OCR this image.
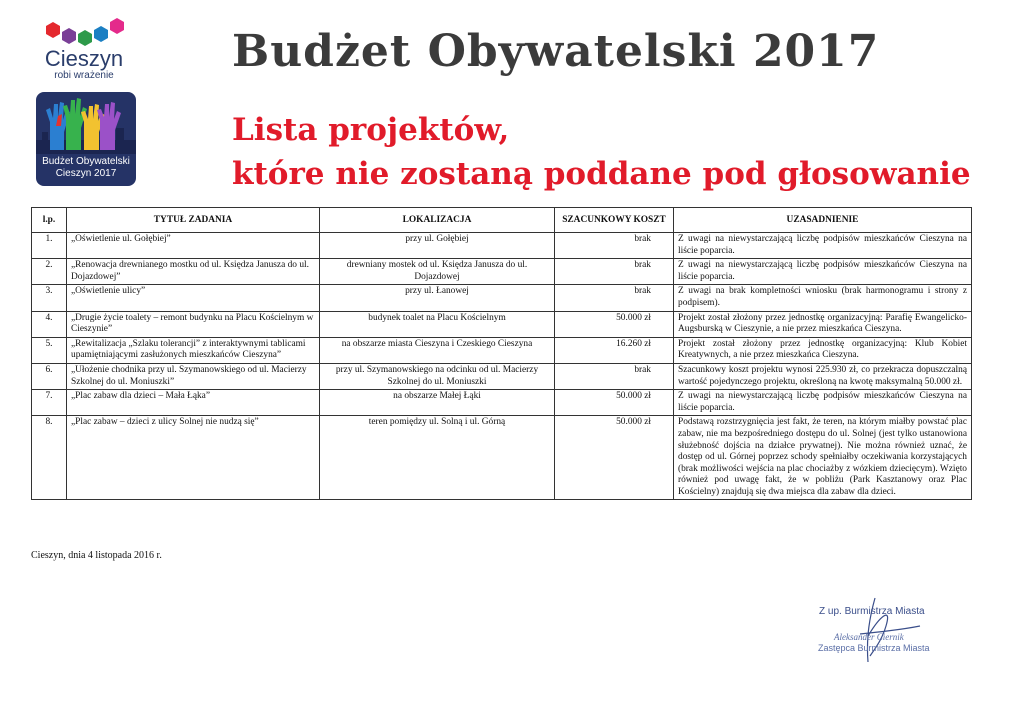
Cieszyn
robi wrażenie
Budżet Obywatelski
Cieszyn 2017
Budżet Obywatelski 2017
Lista projektów,
które nie zostaną poddane pod głosowanie
l.p.	TYTUŁ ZADANIA	LOKALIZACJA	SZACUNKOWY KOSZT	UZASADNIENIE
1.	„Oświetlenie ul. Gołębiej”	przy ul. Gołębiej	brak	Z uwagi na niewystarczającą liczbę podpisów mieszkańców Cieszyna na liście poparcia.
2.	„Renowacja drewnianego mostku od ul. Księdza Janusza do ul. Dojazdowej”	drewniany mostek od ul. Księdza Janusza do ul. Dojazdowej	brak	Z uwagi na niewystarczającą liczbę podpisów mieszkańców Cieszyna na liście poparcia.
3.	„Oświetlenie ulicy”	przy ul. Łanowej	brak	Z uwagi na brak kompletności wniosku (brak harmonogramu i strony z podpisem).
4.	„Drugie życie toalety – remont budynku na Placu Kościelnym w Cieszynie”	budynek toalet na Placu Kościelnym	50.000 zł	Projekt został złożony przez jednostkę organizacyjną: Parafię Ewangelicko-Augsburską w Cieszynie, a nie przez mieszkańca Cieszyna.
5.	„Rewitalizacja „Szlaku tolerancji” z interaktywnymi tablicami upamiętniającymi zasłużonych mieszkańców Cieszyna”	na obszarze miasta Cieszyna i Czeskiego Cieszyna	16.260 zł	Projekt został złożony przez jednostkę organizacyjną: Klub Kobiet Kreatywnych, a nie przez mieszkańca Cieszyna.
6.	„Ułożenie chodnika przy ul. Szymanowskiego od ul. Macierzy Szkolnej do ul. Moniuszki”	przy ul. Szymanowskiego na odcinku od ul. Macierzy Szkolnej do ul. Moniuszki	brak	Szacunkowy koszt projektu wynosi 225.930 zł, co przekracza dopuszczalną wartość pojedynczego projektu, określoną na kwotę maksymalną 50.000 zł.
7.	„Plac zabaw dla dzieci – Mała Łąka”	na obszarze Małej Łąki	50.000 zł	Z uwagi na niewystarczającą liczbę podpisów mieszkańców Cieszyna na liście poparcia.
8.	„Plac zabaw – dzieci z ulicy Solnej nie nudzą się”	teren pomiędzy ul. Solną i ul. Górną	50.000 zł	Podstawą rozstrzygnięcia jest fakt, że teren, na którym miałby powstać plac zabaw, nie ma bezpośredniego dostępu do ul. Solnej (jest tylko ustanowiona służebność dojścia na działce prywatnej). Nie można również uznać, że dostęp od ul. Górnej poprzez schody spełniałby oczekiwania korzystających (brak możliwości wejścia na plac chociażby z wózkiem dziecięcym). Wzięto również pod uwagę fakt, że w pobliżu (Park Kasztanowy oraz Plac Kościelny) znajdują się dwa miejsca dla zabaw dla dzieci.
Cieszyn, dnia 4 listopada 2016 r.
Z up. Burmistrza Miasta
Aleksander Ciernik
Zastępca Burmistrza Miasta
